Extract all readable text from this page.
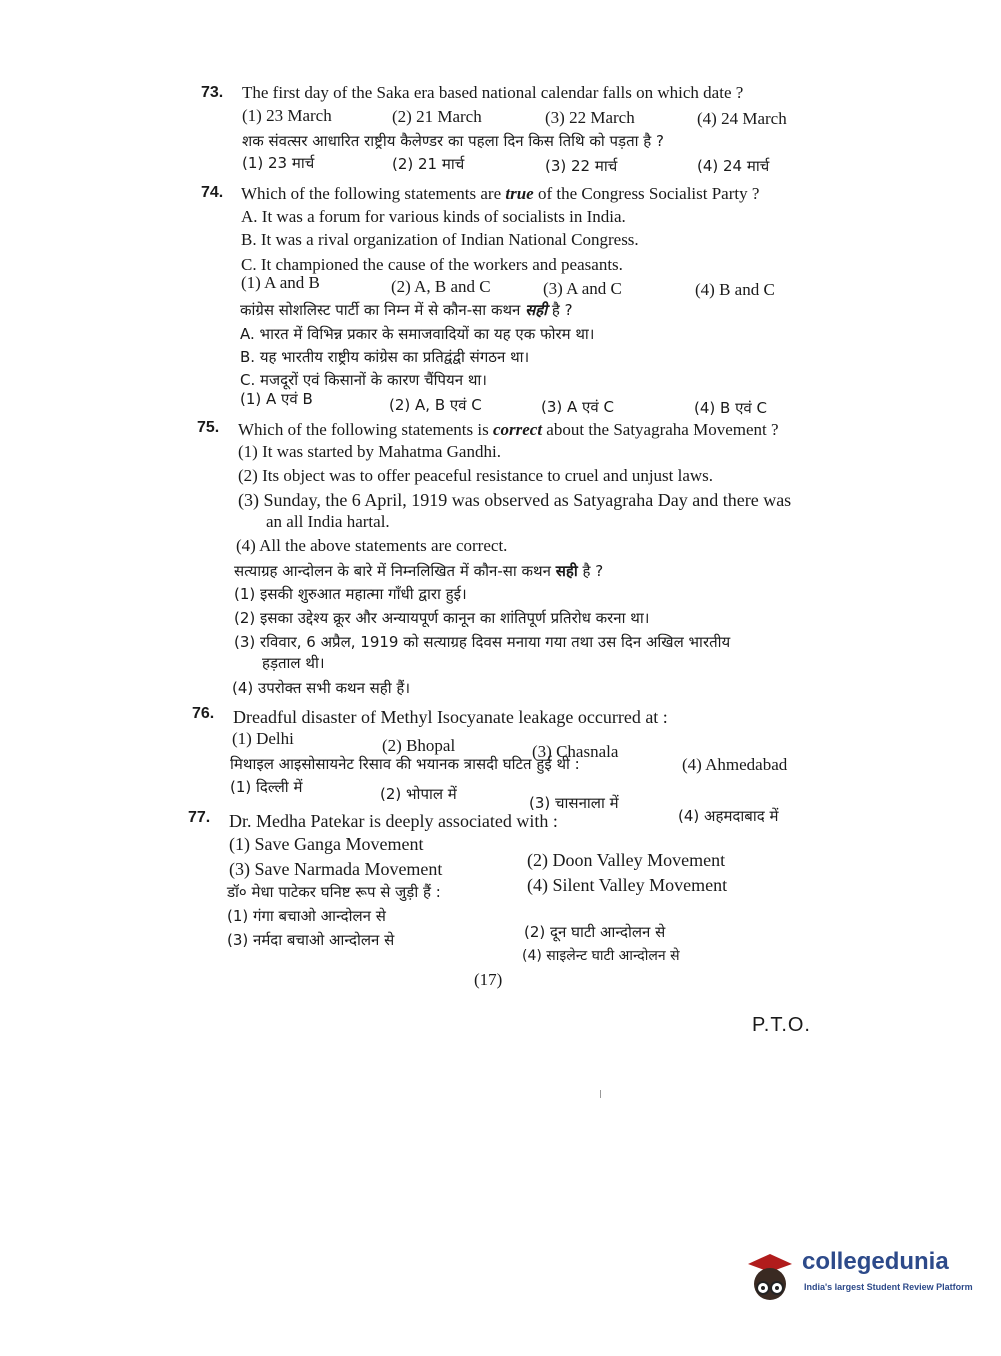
73. The first day of the Saka era based national calendar falls on which date ?
(1) 23 March	(2) 21 March	(3) 22 March	(4) 24 March
शक संवत्सर आधारित राष्ट्रीय कैलेण्डर का पहला दिन किस तिथि को पड़ता है ?
(1) 23 मार्च	(2) 21 मार्च	(3) 22 मार्च	(4) 24 मार्च
74. Which of the following statements are true of the Congress Socialist Party ?
A. It was a forum for various kinds of socialists in India.
B. It was a rival organization of Indian National Congress.
C. It championed the cause of the workers and peasants.
(1) A and B	(2) A, B and C	(3) A and C	(4) B and C
कांग्रेस सोशलिस्ट पार्टी का निम्न में से कौन-सा कथन सही है ?
A. भारत में विभिन्न प्रकार के समाजवादियों का यह एक फोरम था।
B. यह भारतीय राष्ट्रीय कांग्रेस का प्रतिद्वंद्वी संगठन था।
C. मजदूरों एवं किसानों के कारण चैंपियन था।
(1) A एवं B	(2) A, B एवं C	(3) A एवं C	(4) B एवं C
75. Which of the following statements is correct about the Satyagraha Movement ?
(1) It was started by Mahatma Gandhi.
(2) Its object was to offer peaceful resistance to cruel and unjust laws.
(3) Sunday, the 6 April, 1919 was observed as Satyagraha Day and there was
an all India hartal.
(4) All the above statements are correct.
सत्याग्रह आन्दोलन के बारे में निम्नलिखित में कौन-सा कथन सही है ?
(1) इसकी शुरुआत महात्मा गाँधी द्वारा हुई।
(2) इसका उद्देश्य क्रूर और अन्यायपूर्ण कानून का शांतिपूर्ण प्रतिरोध करना था।
(3) रविवार, 6 अप्रैल, 1919 को सत्याग्रह दिवस मनाया गया तथा उस दिन अखिल भारतीय
हड़ताल थी।
(4) उपरोक्त सभी कथन सही हैं।
76. Dreadful disaster of Methyl Isocyanate leakage occurred at :
(1) Delhi	(2) Bhopal	(3) Chasnala
(4) Ahmedabad
मिथाइल आइसोसायनेट रिसाव की भयानक त्रासदी घटित हुई थी :
(1) दिल्ली में	(2) भोपाल में	(3) चासनाला में
(4) अहमदाबाद में
77. Dr. Medha Patekar is deeply associated with :
(1) Save Ganga Movement
(2) Doon Valley Movement
(3) Save Narmada Movement
(4) Silent Valley Movement
डॉ० मेधा पाटेकर घनिष्ट रूप से जुड़ी हैं :
(1) गंगा बचाओ आन्दोलन से
(2) दून घाटी आन्दोलन से
(3) नर्मदा बचाओ आन्दोलन से
(4) साइलेन्ट घाटी आन्दोलन से
(17)
P.T.O.
collegedunia
India's largest Student Review Platform
